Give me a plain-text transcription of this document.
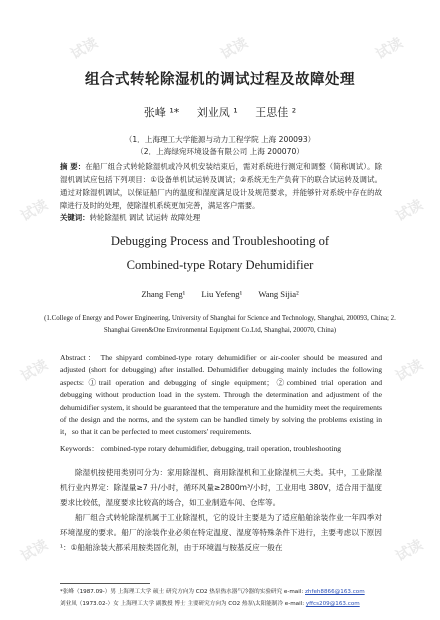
试读	试读	试读
试读	试读
试读	试读
试读	试读
组合式转轮除湿机的调试过程及故障处理
张峰 ¹* 刘业凤 ¹ 王思佳 ²
（1．上海理工大学能源与动力工程学院 上海 200093）
（2．上海绿宛环境设备有限公司 上海 200070）
摘 要：在船厂组合式转轮除湿机或冷风机安装结束后，需对系统进行测定和调整（简称调试）。除湿机调试应包括下列项目：①设备单机试运转及调试；②系统无生产负荷下的联合试运转及调试。通过对除湿机调试，以保证船厂内的温度和湿度满足设计及规范要求，并能够针对系统中存在的故障进行及时的处理，使除湿机系统更加完善，满足客户需要。
关键词：转轮除湿机 调试 试运转 故障处理
Debugging Process and Troubleshooting of
Combined-type Rotary Dehumidifier
Zhang Feng¹ Liu Yefeng¹ Wang Sijia²
(1.College of Energy and Power Engineering, University of Shanghai for Science and Technology, Shanghai, 200093, China; 2. Shanghai Green&One Environmental Equipment Co.Ltd, Shanghai, 200070, China)
Abstract： The shipyard combined-type rotary dehumidifier or air-cooler should be measured and adjusted (short for debugging) after installed. Dehumidifier debugging mainly includes the following aspects: ①trail operation and debugging of single equipment；②combined trial operation and debugging without production load in the system. Through the determination and adjustment of the dehumidifier system, it should be guaranteed that the temperature and the humidity meet the requirements of the design and the norms, and the system can be handled timely by solving the problems existing in it，so that it can be perfected to meet customers' requirements.
Keywords： combined-type rotary dehumidifier, debugging, trail operation, troubleshooting

除湿机按使用类别可分为：家用除湿机、商用除湿机和工业除湿机三大类。其中，工业除湿机行业内界定：除湿量≥7 升/小时，循环风量≥2800m³/小时，工业用电 380V，适合用于温度要求比较低，湿度要求比较高的场合，如工业制造车间、仓库等。

船厂组合式转轮除湿机属于工业除湿机，它的设计主要是为了适应船舶涂装作业一年四季对环境湿度的要求。船厂的涂装作业必须在特定温度、湿度等特殊条件下进行，主要考虑以下原因 ¹：①船舶涂装大都采用胺类固化剂，由于环境温与胺基反应一般在

*张峰（1987.09-）男 上海理工大学 硕士 研究方向为 CO2 热泵热水器气冷器的实验研究 e-mail: zhfeh8866@163.com
刘业凤（1973.02-）女 上海理工大学 副教授 博士 主要研究方向为 CO2 热泵\太阳能制冷 e-mail: yffcs209@163.com
